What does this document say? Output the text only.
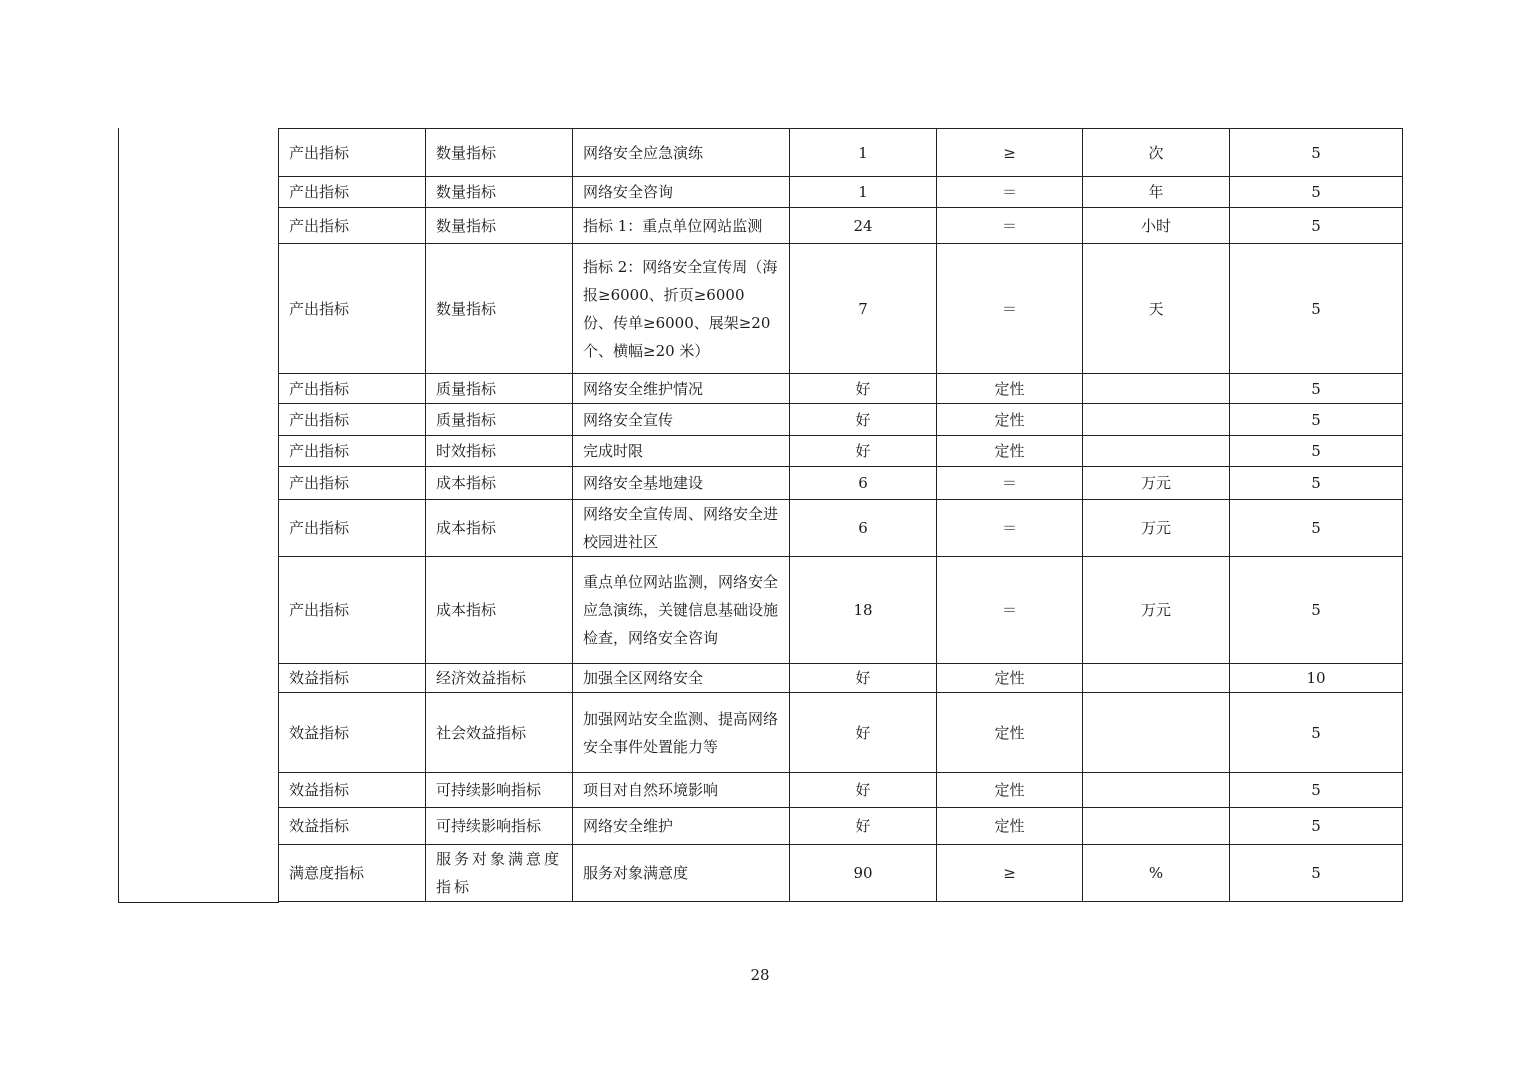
产出指标	数量指标	网络安全应急演练	1	≥	次	5
产出指标	数量指标	网络安全咨询	1	＝	年	5
产出指标	数量指标	指标 1：重点单位网站监测	24	＝	小时	5
产出指标	数量指标	指标 2：网络安全宣传周（海报≥6000、折页≥6000 份、传单≥6000、展架≥20 个、横幅≥20 米）	7	＝	天	5
产出指标	质量指标	网络安全维护情况	好	定性		5
产出指标	质量指标	网络安全宣传	好	定性		5
产出指标	时效指标	完成时限	好	定性		5
产出指标	成本指标	网络安全基地建设	6	＝	万元	5
产出指标	成本指标	网络安全宣传周、网络安全进校园进社区	6	＝	万元	5
产出指标	成本指标	重点单位网站监测，网络安全应急演练，关键信息基础设施检查，网络安全咨询	18	＝	万元	5
效益指标	经济效益指标	加强全区网络安全	好	定性		10
效益指标	社会效益指标	加强网站安全监测、提高网络安全事件处置能力等	好	定性		5
效益指标	可持续影响指标	项目对自然环境影响	好	定性		5
效益指标	可持续影响指标	网络安全维护	好	定性		5
满意度指标	服务对象满意度指标	服务对象满意度	90	≥	%	5
28
